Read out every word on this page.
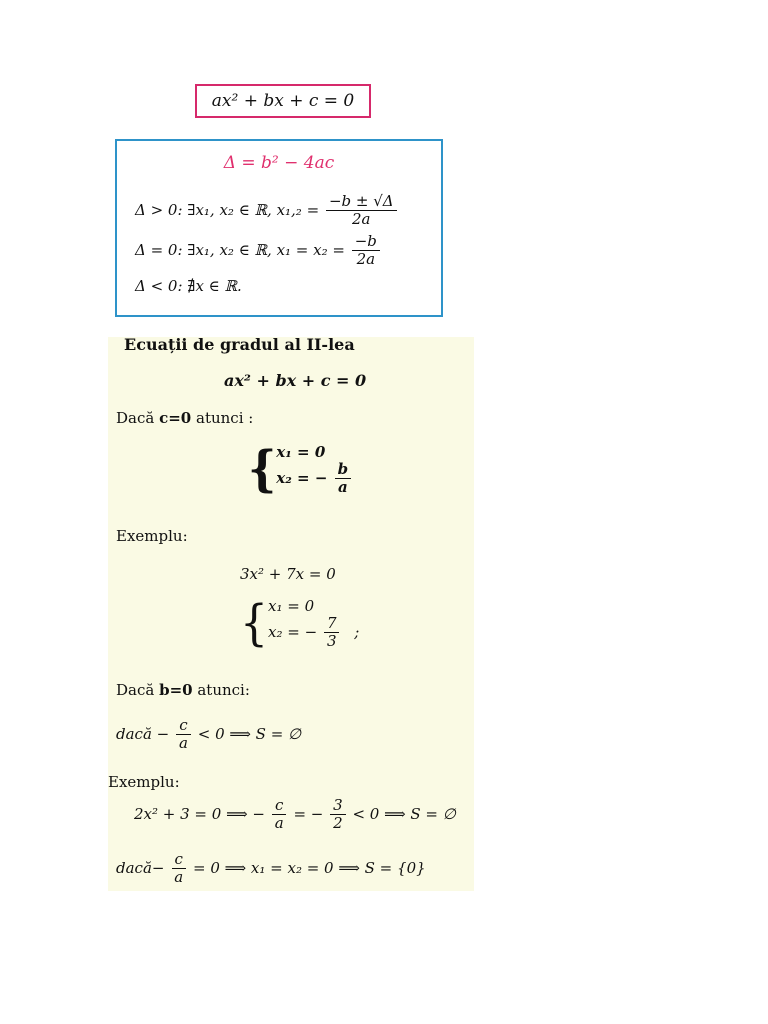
ax² + bx + c = 0
Δ = b² − 4ac
Δ > 0: ∃x₁, x₂ ∈ ℝ, $x_1,_2 = \frac{-b \pm √\Delta}{2a}$
Δ = 0: ∃x₁, x₂ ∈ ℝ, $x_1 = x_2 = \frac{-b}{2a}$
Δ < 0: ∄x ∈ ℝ.
Ecuații de gradul al II-lea
ax² + bx + c = 0
Dacă c=0 atunci :
{ x₁ = 0
x₂ = − $\frac{b}{a}$
Exemplu:
3x² + 7x = 0
{ x₁ = 0
x₂ = − $\frac{7}{3}$ ;
Dacă b=0 atunci:
dacă − $\frac{c}{a} < 0$ ⟹ S = ∅
Exemplu:
2x² + 3 = 0 ⟹ − $\frac{c}{a}$ = − $\frac{3}{2} < 0$ ⟹ S = ∅
dacă− $\frac{c}{a} = 0$ ⟹ x₁ = x₂ = 0 ⟹ S = {0}
